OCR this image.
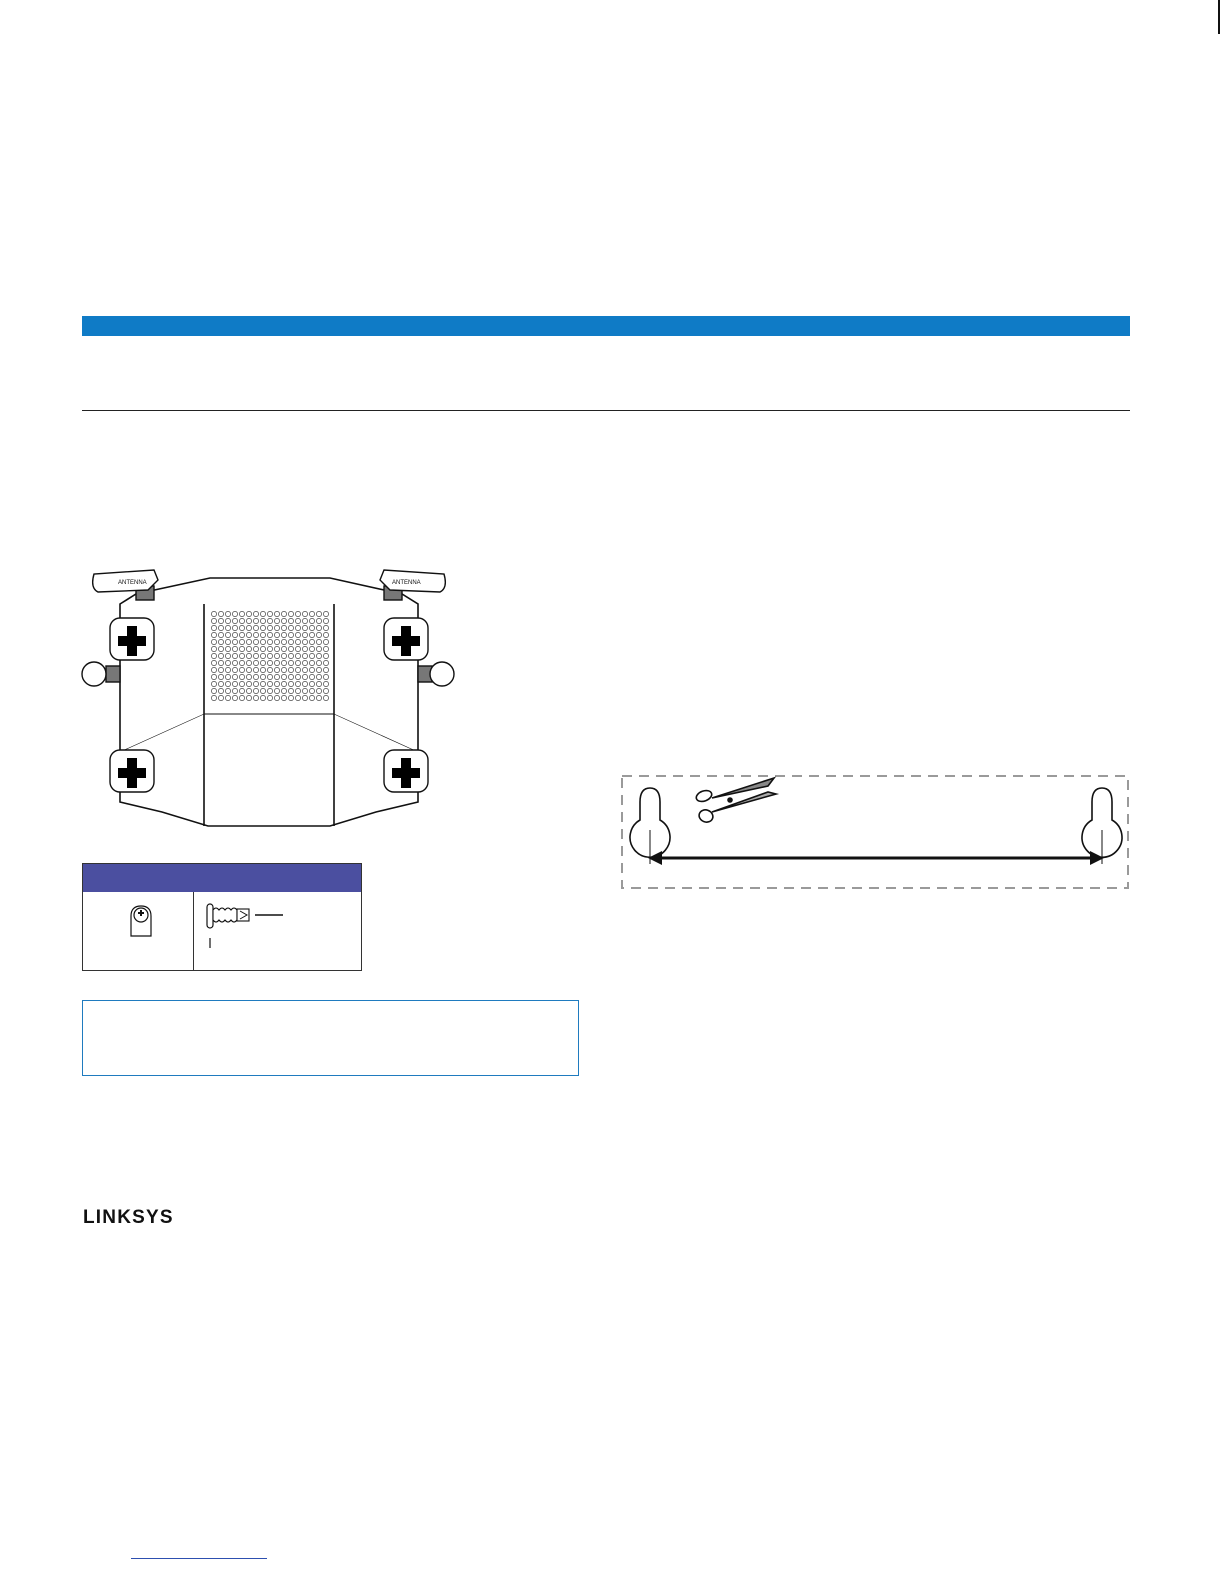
ANTENNA	ANTENNA
LINKSYS
